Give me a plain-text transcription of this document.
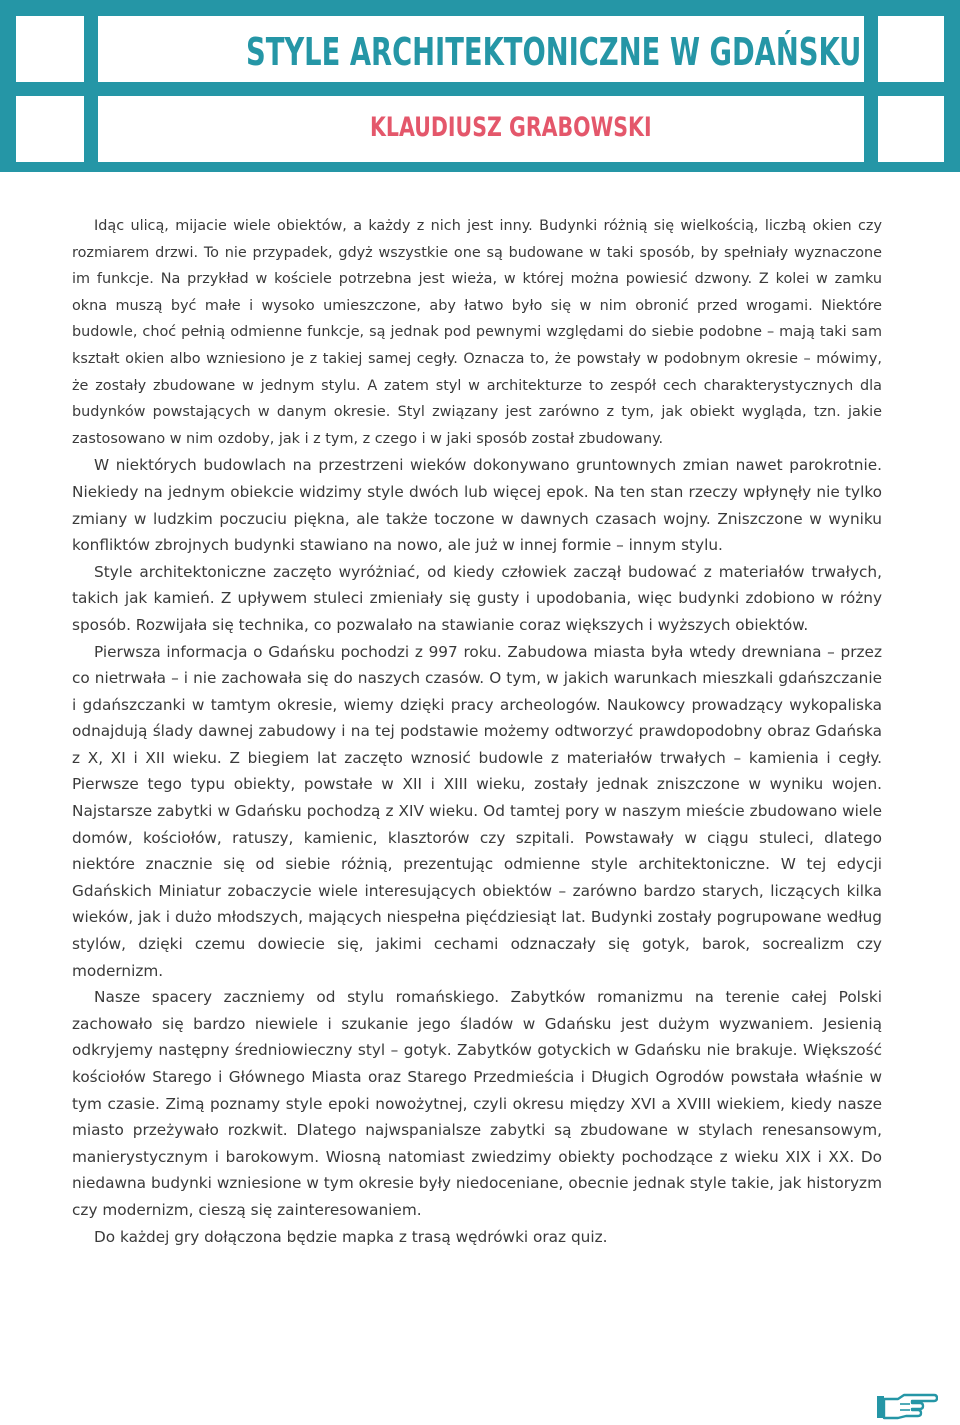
STYLE ARCHITEKTONICZNE W GDAŃSKU
KLAUDIUSZ GRABOWSKI

Idąc ulicą, mijacie wiele obiektów, a każdy z nich jest inny. Budynki różnią się wielkością, liczbą okien czy rozmiarem drzwi. To nie przypadek, gdyż wszystkie one są budowane w taki sposób, by spełniały wyznaczone im funkcje. Na przykład w kościele potrzebna jest wieża, w której można powiesić dzwony. Z kolei w zamku okna muszą być małe i wysoko umieszczone, aby łatwo było się w nim obronić przed wrogami. Niektóre budowle, choć pełnią odmienne funkcje, są jednak pod pewnymi względami do siebie podobne – mają taki sam kształt okien albo wzniesiono je z takiej samej cegły. Oznacza to, że powstały w podobnym okresie – mówimy, że zostały zbudowane w jednym stylu. A zatem styl w architekturze to zespół cech charakterystycznych dla budynków powstających w danym okresie. Styl związany jest zarówno z tym, jak obiekt wygląda, tzn. jakie zastosowano w nim ozdoby, jak i z tym, z czego i w jaki sposób został zbudowany.

W niektórych budowlach na przestrzeni wieków dokonywano gruntownych zmian nawet parokrotnie. Niekiedy na jednym obiekcie widzimy style dwóch lub więcej epok. Na ten stan rzeczy wpłynęły nie tylko zmiany w ludzkim poczuciu piękna, ale także toczone w dawnych czasach wojny. Zniszczone w wyniku konfliktów zbrojnych budynki stawiano na nowo, ale już w innej formie – innym stylu.

Style architektoniczne zaczęto wyróżniać, od kiedy człowiek zaczął budować z materiałów trwałych, takich jak kamień. Z upływem stuleci zmieniały się gusty i upodobania, więc budynki zdobiono w różny sposób. Rozwijała się technika, co pozwalało na stawianie coraz większych i wyższych obiektów.

Pierwsza informacja o Gdańsku pochodzi z 997 roku. Zabudowa miasta była wtedy drewniana – przez co nietrwała – i nie zachowała się do naszych czasów. O tym, w jakich warunkach mieszkali gdańszczanie i gdańszczanki w tamtym okresie, wiemy dzięki pracy archeologów. Naukowcy prowadzący wykopaliska odnajdują ślady dawnej zabudowy i na tej podstawie możemy odtworzyć prawdopodobny obraz Gdańska z X, XI i XII wieku. Z biegiem lat zaczęto wznosić budowle z materiałów trwałych – kamienia i cegły. Pierwsze tego typu obiekty, powstałe w XII i XIII wieku, zostały jednak zniszczone w wyniku wojen. Najstarsze zabytki w Gdańsku pochodzą z XIV wieku. Od tamtej pory w naszym mieście zbudowano wiele domów, kościołów, ratuszy, kamienic, klasztorów czy szpitali. Powstawały w ciągu stuleci, dlatego niektóre znacznie się od siebie różnią, prezentując odmienne style architektoniczne. W tej edycji Gdańskich Miniatur zobaczycie wiele interesujących obiektów – zarówno bardzo starych, liczących kilka wieków, jak i dużo młodszych, mających niespełna pięćdziesiąt lat. Budynki zostały pogrupowane według stylów, dzięki czemu dowiecie się, jakimi cechami odznaczały się gotyk, barok, socrealizm czy modernizm.

Nasze spacery zaczniemy od stylu romańskiego. Zabytków romanizmu na terenie całej Polski zachowało się bardzo niewiele i szukanie jego śladów w Gdańsku jest dużym wyzwaniem. Jesienią odkryjemy następny średniowieczny styl – gotyk. Zabytków gotyckich w Gdańsku nie brakuje. Większość kościołów Starego i Głównego Miasta oraz Starego Przedmieścia i Długich Ogrodów powstała właśnie w tym czasie. Zimą poznamy style epoki nowożytnej, czyli okresu między XVI a XVIII wiekiem, kiedy nasze miasto przeżywało rozkwit. Dlatego najwspanialsze zabytki są zbudowane w stylach renesansowym, manierystycznym i barokowym. Wiosną natomiast zwiedzimy obiekty pochodzące z wieku XIX i XX. Do niedawna budynki wzniesione w tym okresie były niedoceniane, obecnie jednak style takie, jak historyzm czy modernizm, cieszą się zainteresowaniem.

Do każdej gry dołączona będzie mapka z trasą wędrówki oraz quiz.
